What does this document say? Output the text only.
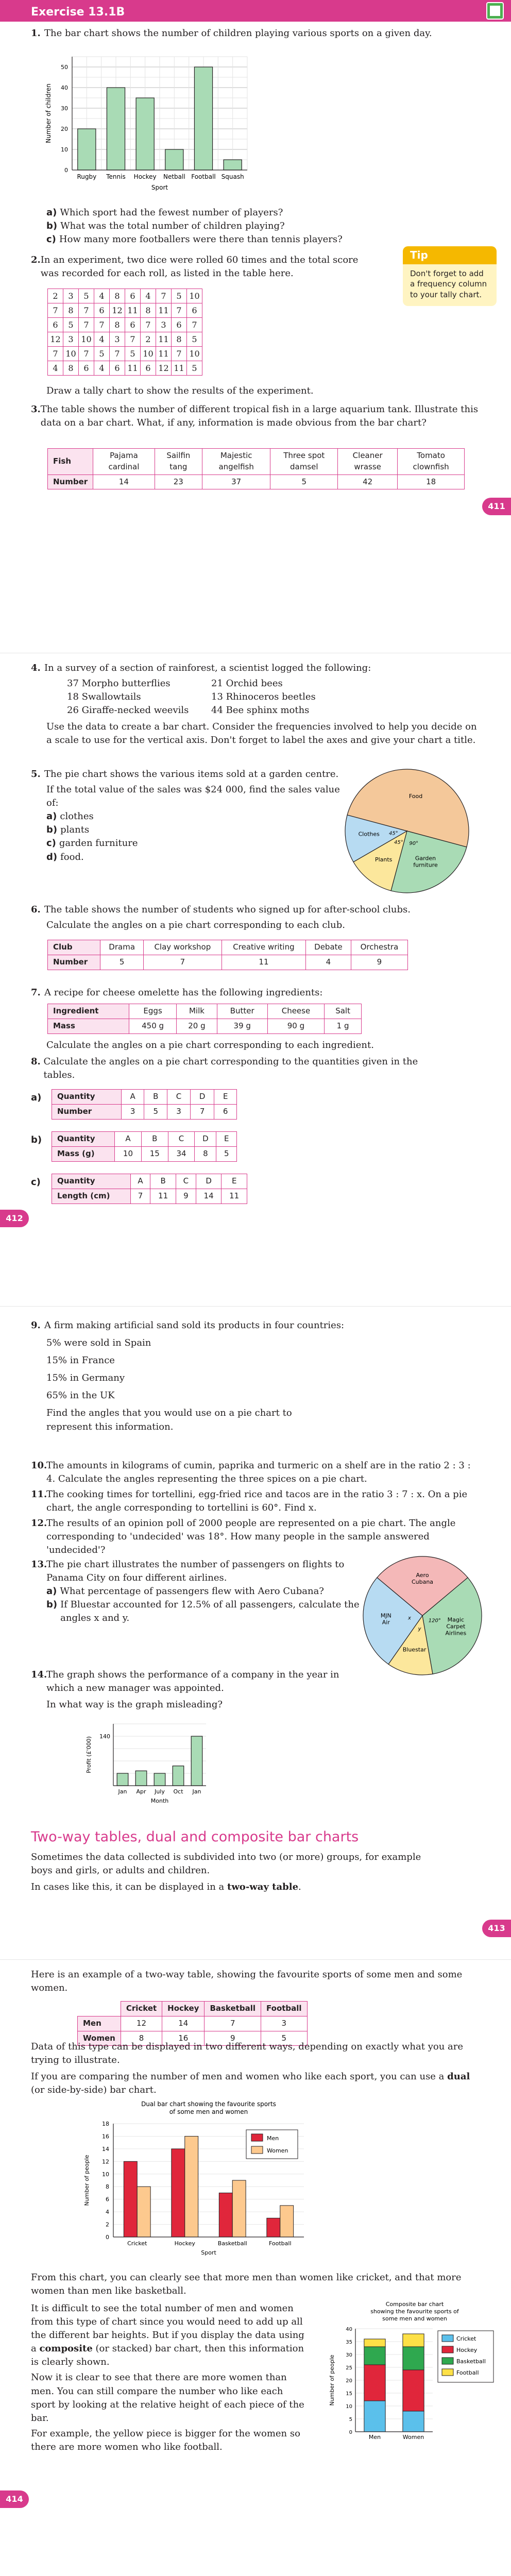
Exercise 13.1B
1. The bar chart shows the number of children playing various sports on a given day.
0
10
20
30
40
50
Rugby Tennis Hockey Netball Football Squash
Sport
Number of children
a) Which sport had the fewest number of players?
b) What was the total number of children playing?
c) How many more footballers were there than tennis players?
2. In an experiment, two dice were rolled 60 times and the total score was recorded for each roll, as listed in the table here.
Tip
Don't forget to add a frequency column to your tally chart.
2	3	5	4	8	6	4	7	5	10
7	8	7	6	12	11	8	11	7	6
6	5	7	7	8	6	7	3	6	7
12	3	10	4	3	7	2	11	8	5
7	10	7	5	7	5	10	11	7	10
4	8	6	4	6	11	6	12	11	5
Draw a tally chart to show the results of the experiment.
3. The table shows the number of different tropical fish in a large aquarium tank. Illustrate this data on a bar chart. What, if any, information is made obvious from the bar chart?
Fish	Pajama cardinal	Sailfin tang	Majestic angelfish	Three spot damsel	Cleaner wrasse	Tomato clownfish
Number	14	23	37	5	42	18
411
4. In a survey of a section of rainforest, a scientist logged the following:
37 Morpho butterflies	21 Orchid bees
18 Swallowtails	13 Rhinoceros beetles
26 Giraffe-necked weevils	44 Bee sphinx moths
Use the data to create a bar chart. Consider the frequencies involved to help you decide on a scale to use for the vertical axis. Don't forget to label the axes and give your chart a title.
5. The pie chart shows the various items sold at a garden centre.
If the total value of the sales was $24 000, find the sales value of:
a) clothes
b) plants
c) garden furniture
d) food.
Food
Garden furniture
90°
Plants
45°
Clothes 45°
6. The table shows the number of students who signed up for after-school clubs.
Calculate the angles on a pie chart corresponding to each club.
Club	Drama	Clay workshop	Creative writing	Debate	Orchestra
Number	5	7	11	4	9
7. A recipe for cheese omelette has the following ingredients:
Ingredient	Eggs	Milk	Butter	Cheese	Salt
Mass	450 g	20 g	39 g	90 g	1 g
Calculate the angles on a pie chart corresponding to each ingredient.
8. Calculate the angles on a pie chart corresponding to the quantities given in the tables.
a) Quantity	A	B	C	D	E
Number	3	5	3	7	6
b) Quantity	A	B	C	D	E
Mass (g)	10	15	34	8	5
c) Quantity	A	B	C	D	E
Length (cm)	7	11	9	14	11
412
9. A firm making artificial sand sold its products in four countries:
5% were sold in Spain
15% in France
15% in Germany
65% in the UK
Find the angles that you would use on a pie chart to represent this information.
10.
The amounts in kilograms of cumin, paprika and turmeric on a shelf are in the ratio 2 : 3 : 4. Calculate the angles representing the three spices on a pie chart.
11.
The cooking times for tortellini, egg-fried rice and tacos are in the ratio 3 : 7 : x. On a pie chart, the angle corresponding to tortellini is 60°. Find x.
12.
The results of an opinion poll of 2000 people are represented on a pie chart. The angle corresponding to 'undecided' was 18°. How many people in the sample answered 'undecided'?
13.
The pie chart illustrates the number of passengers on flights to Panama City on four different airlines.
a) What percentage of passengers flew with Aero Cubana?
b) If Bluestar accounted for 12.5% of all passengers, calculate the angles x and y.
Aero Cubana
Magic Carpet Airlines
120°
Bluestar
y
MJN Air
x
14.
The graph shows the performance of a company in the year in which a new manager was appointed.
In what way is the graph misleading?
Jan Apr July Oct Jan
140
Month
Profit (£'000)
Two-way tables, dual and composite bar charts
Sometimes the data collected is subdivided into two (or more) groups, for example boys and girls, or adults and children.
In cases like this, it can be displayed in a two-way table.
413
Here is an example of a two-way table, showing the favourite sports of some men and some women.
	Cricket	Hockey	Basketball	Football
Men	12	14	7	3
Women	8	16	9	5
Data of this type can be displayed in two different ways, depending on exactly what you are trying to illustrate.
If you are comparing the number of men and women who like each sport, you can use a dual (or side-by-side) bar chart.
Dual bar chart showing the favourite sports of some men and women
0
2
4
6
8
10
12
14
16
18
Cricket	Hockey	Basketball	Football
Sport
Number of people
Men
Women
From this chart, you can clearly see that more men than women like cricket, and that more women than men like basketball.
It is difficult to see the total number of men and women from this type of chart since you would need to add up all the different bar heights. But if you display the data using a composite (or stacked) bar chart, then this information is clearly shown.
Now it is clear to see that there are more women than men. You can still compare the number who like each sport by looking at the relative height of each piece of the bar.
For example, the yellow piece is bigger for the women so there are more women who like football.
Composite bar chart showing the favourite sports of some men and women
0
5
10
15
20
25
30
35
40
Men	Women
Number of people
Cricket
Hockey
Basketball
Football
414
